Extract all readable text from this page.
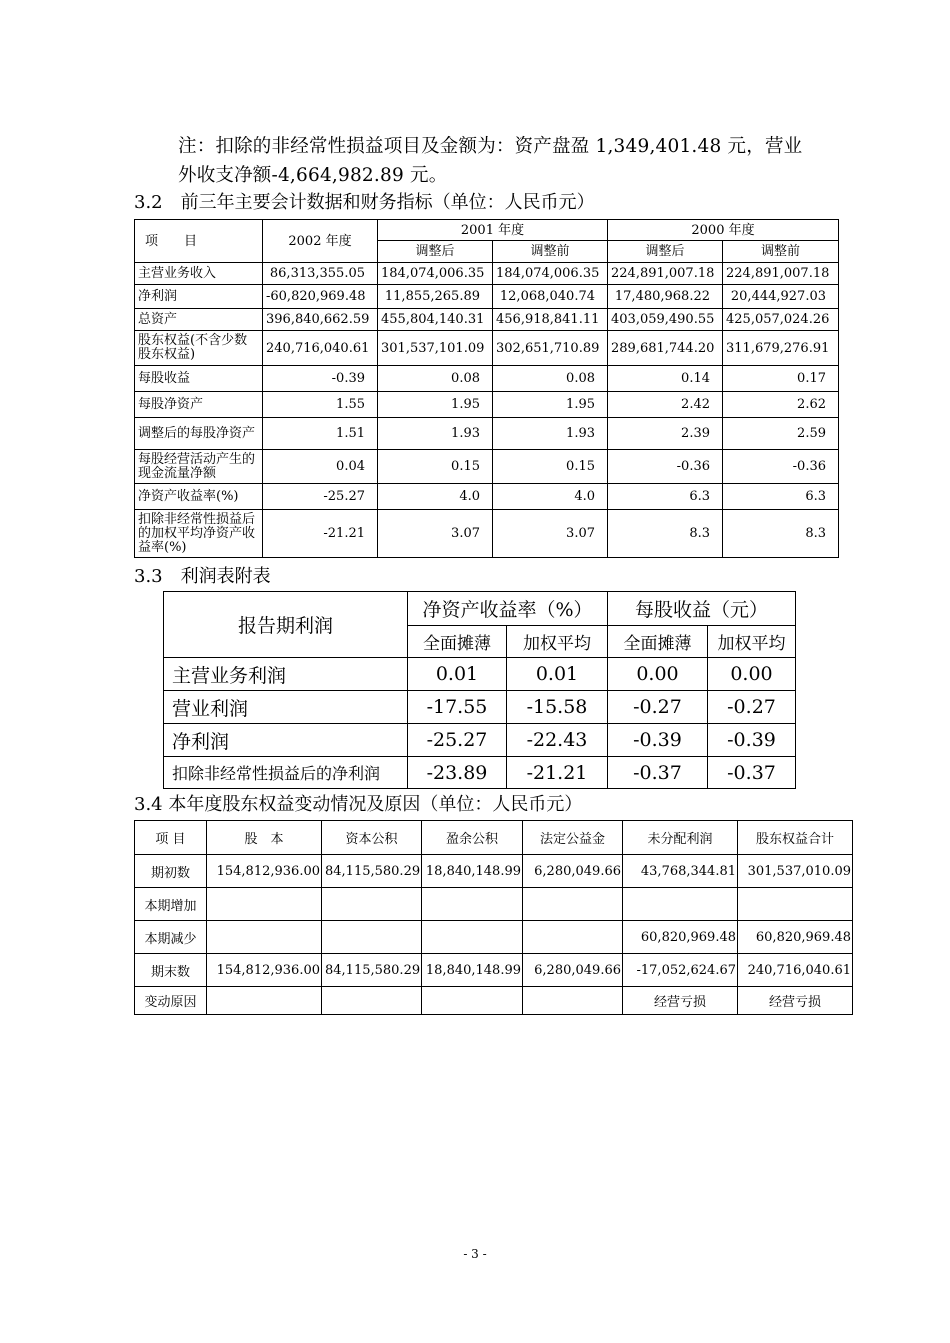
注：扣除的非经常性损益项目及金额为：资产盘盈 1,349,401.48 元，营业
外收支净额-4,664,982.89 元。
3.2　前三年主要会计数据和财务指标（单位：人民币元）
项　　目	2002 年度	2001 年度		2000 年度	
		调整后	调整前	调整后	调整前
主营业务收入	86,313,355.05	184,074,006.35	184,074,006.35	224,891,007.18	224,891,007.18
净利润	-60,820,969.48	11,855,265.89	12,068,040.74	17,480,968.22	20,444,927.03
总资产	396,840,662.59	455,804,140.31	456,918,841.11	403,059,490.55	425,057,024.26
股东权益(不含少数股东权益)	240,716,040.61	301,537,101.09	302,651,710.89	289,681,744.20	311,679,276.91
每股收益	-0.39	0.08	0.08	0.14	0.17
每股净资产	1.55	1.95	1.95	2.42	2.62
调整后的每股净资产	1.51	1.93	1.93	2.39	2.59
每股经营活动产生的现金流量净额	0.04	0.15	0.15	-0.36	-0.36
净资产收益率(%)	-25.27	4.0	4.0	6.3	6.3
扣除非经常性损益后的加权平均净资产收益率(%)	-21.21	3.07	3.07	8.3	8.3
3.3　利润表附表
报告期利润	净资产收益率（%）		每股收益（元）	
	全面摊薄	加权平均	全面摊薄	加权平均
主营业务利润	0.01	0.01	0.00	0.00
营业利润	-17.55	-15.58	-0.27	-0.27
净利润	-25.27	-22.43	-0.39	-0.39
扣除非经常性损益后的净利润	-23.89	-21.21	-0.37	-0.37
3.4 本年度股东权益变动情况及原因（单位：人民币元）
项 目	股　本	资本公积	盈余公积	法定公益金	未分配利润	股东权益合计
期初数	154,812,936.00	84,115,580.29	18,840,148.99	6,280,049.66	43,768,344.81	301,537,010.09
本期增加						
本期减少					60,820,969.48	60,820,969.48
期末数	154,812,936.00	84,115,580.29	18,840,148.99	6,280,049.66	-17,052,624.67	240,716,040.61
变动原因					经营亏损	经营亏损
- 3 -
